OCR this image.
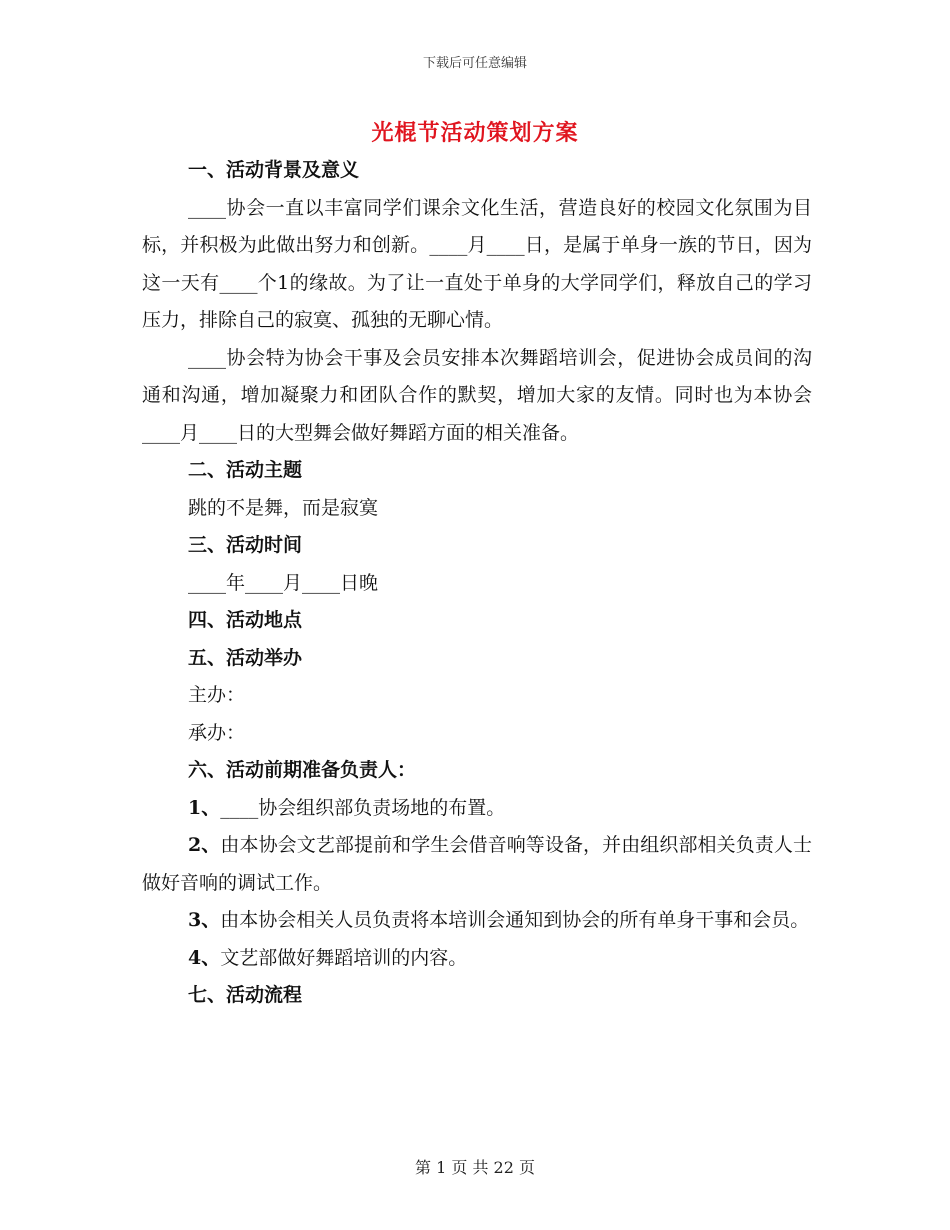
下载后可任意编辑
光棍节活动策划方案

一、活动背景及意义

____协会一直以丰富同学们课余文化生活，营造良好的校园文化氛围为目标，并积极为此做出努力和创新。____月____日，是属于单身一族的节日，因为这一天有____个1的缘故。为了让一直处于单身的大学同学们，释放自己的学习压力，排除自己的寂寞、孤独的无聊心情。

____协会特为协会干事及会员安排本次舞蹈培训会，促进协会成员间的沟通和沟通，增加凝聚力和团队合作的默契，增加大家的友情。同时也为本协会____月____日的大型舞会做好舞蹈方面的相关准备。

二、活动主题

跳的不是舞，而是寂寞

三、活动时间

____年____月____日晚

四、活动地点

五、活动举办

主办：

承办：

六、活动前期准备负责人：

1、____协会组织部负责场地的布置。

2、由本协会文艺部提前和学生会借音响等设备，并由组织部相关负责人士做好音响的调试工作。

3、由本协会相关人员负责将本培训会通知到协会的所有单身干事和会员。

4、文艺部做好舞蹈培训的内容。

七、活动流程

第 1 页 共 22 页
